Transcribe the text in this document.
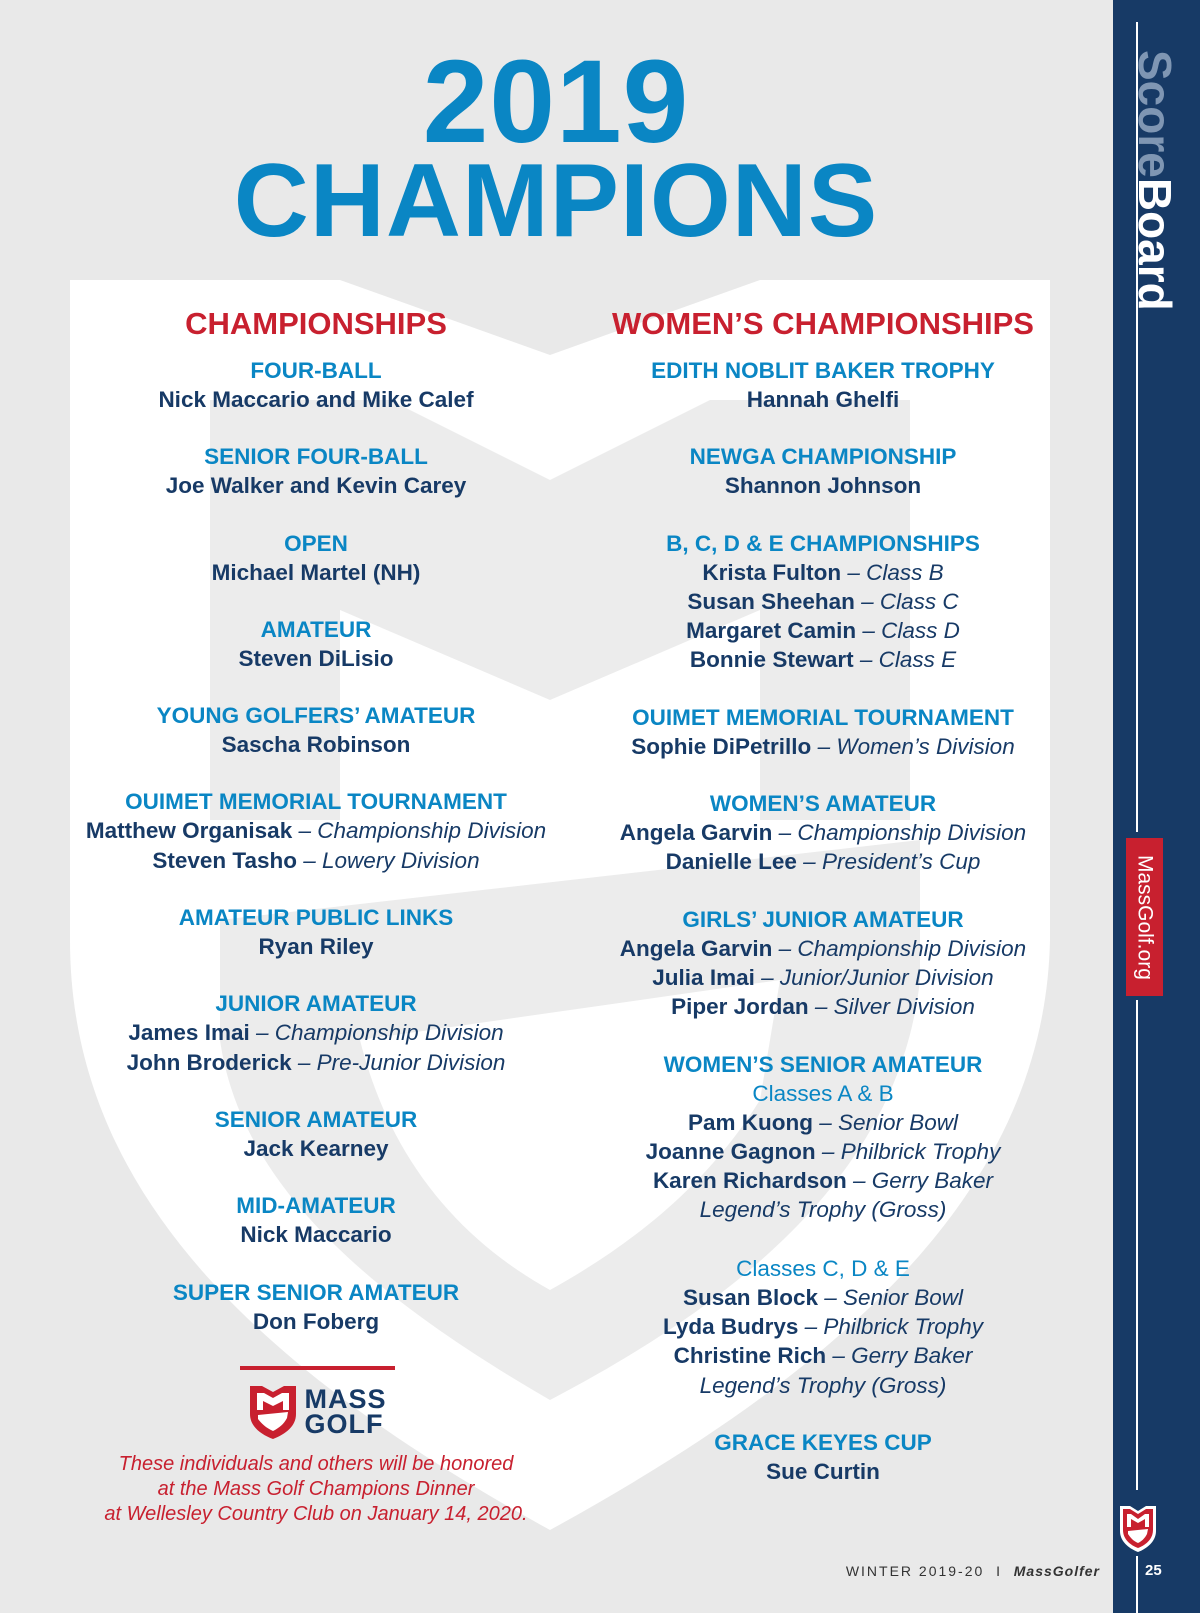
2019
CHAMPIONS
CHAMPIONSHIPS
FOUR-BALL
Nick Maccario and Mike Calef
SENIOR FOUR-BALL
Joe Walker and Kevin Carey
OPEN
Michael Martel (NH)
AMATEUR
Steven DiLisio
YOUNG GOLFERS’ AMATEUR
Sascha Robinson
OUIMET MEMORIAL TOURNAMENT
Matthew Organisak – Championship Division
Steven Tasho – Lowery Division
AMATEUR PUBLIC LINKS
Ryan Riley
JUNIOR AMATEUR
James Imai – Championship Division
John Broderick – Pre-Junior Division
SENIOR AMATEUR
Jack Kearney
MID-AMATEUR
Nick Maccario
SUPER SENIOR AMATEUR
Don Foberg
WOMEN’S CHAMPIONSHIPS
EDITH NOBLIT BAKER TROPHY
Hannah Ghelfi
NEWGA CHAMPIONSHIP
Shannon Johnson
B, C, D & E CHAMPIONSHIPS
Krista Fulton – Class B
Susan Sheehan – Class C
Margaret Camin – Class D
Bonnie Stewart – Class E
OUIMET MEMORIAL TOURNAMENT
Sophie DiPetrillo – Women’s Division
WOMEN’S AMATEUR
Angela Garvin – Championship Division
Danielle Lee – President’s Cup
GIRLS’ JUNIOR AMATEUR
Angela Garvin – Championship Division
Julia Imai – Junior/Junior Division
Piper Jordan – Silver Division
WOMEN’S SENIOR AMATEUR
Classes A & B
Pam Kuong – Senior Bowl
Joanne Gagnon – Philbrick Trophy
Karen Richardson – Gerry Baker
Legend’s Trophy (Gross)
Classes C, D & E
Susan Block – Senior Bowl
Lyda Budrys – Philbrick Trophy
Christine Rich – Gerry Baker
Legend’s Trophy (Gross)
GRACE KEYES CUP
Sue Curtin
MASS
GOLF
These individuals and others will be honored
at the Mass Golf Champions Dinner
at Wellesley Country Club on January 14, 2020.
ScoreBoard
MassGolf.org
25
WINTER 2019-20 I MassGolfer
